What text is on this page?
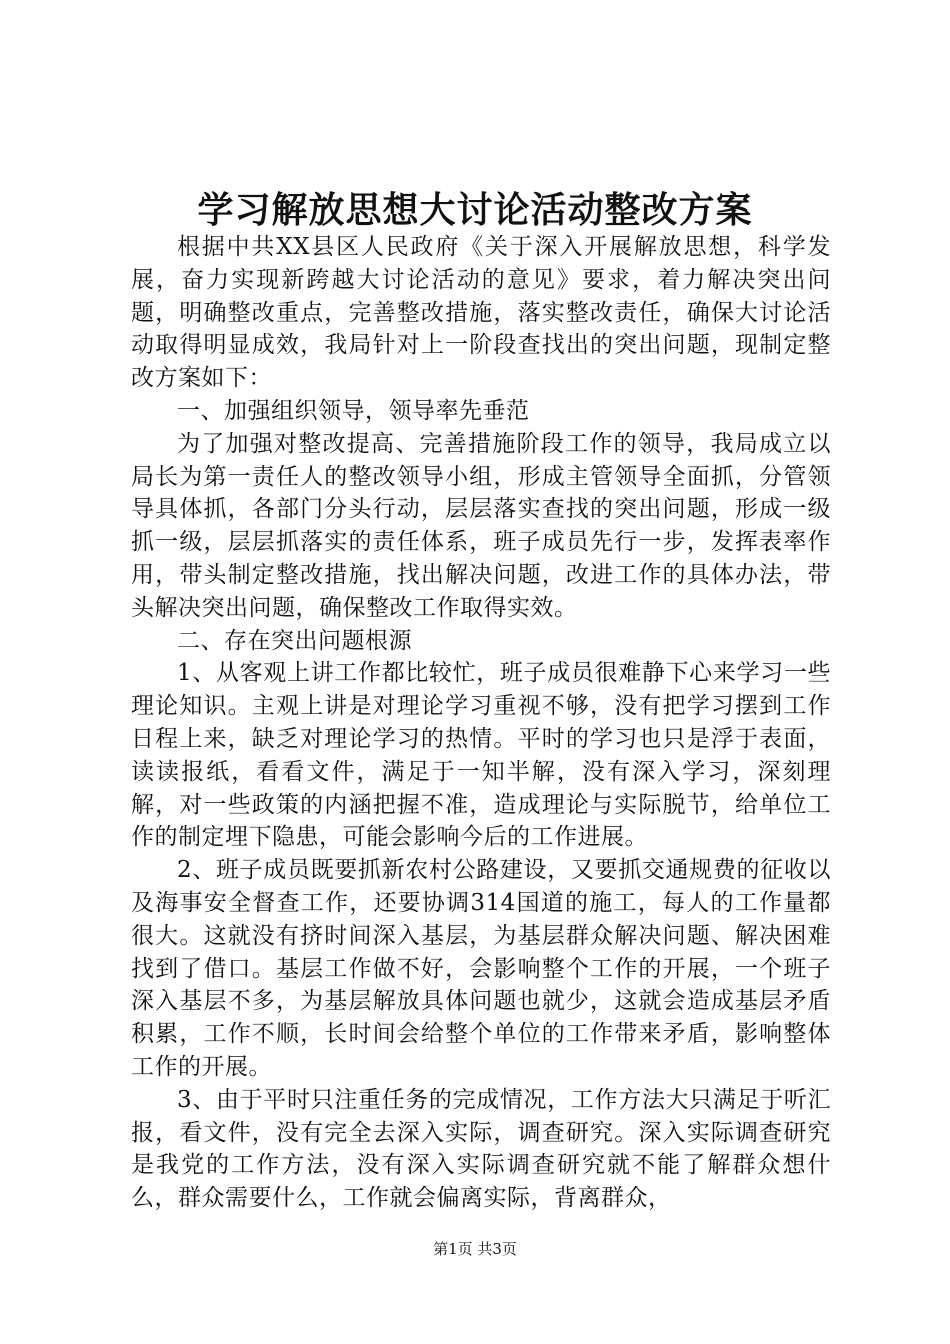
学习解放思想大讨论活动整改方案

根据中共XX县区人民政府《关于深入开展解放思想，科学发展，奋力实现新跨越大讨论活动的意见》要求，着力解决突出问题，明确整改重点，完善整改措施，落实整改责任，确保大讨论活动取得明显成效，我局针对上一阶段查找出的突出问题，现制定整改方案如下：

一、加强组织领导，领导率先垂范

为了加强对整改提高、完善措施阶段工作的领导，我局成立以局长为第一责任人的整改领导小组，形成主管领导全面抓，分管领导具体抓，各部门分头行动，层层落实查找的突出问题，形成一级抓一级，层层抓落实的责任体系，班子成员先行一步，发挥表率作用，带头制定整改措施，找出解决问题，改进工作的具体办法，带头解决突出问题，确保整改工作取得实效。

二、存在突出问题根源

1、从客观上讲工作都比较忙，班子成员很难静下心来学习一些理论知识。主观上讲是对理论学习重视不够，没有把学习摆到工作日程上来，缺乏对理论学习的热情。平时的学习也只是浮于表面，读读报纸，看看文件，满足于一知半解，没有深入学习，深刻理解，对一些政策的内涵把握不准，造成理论与实际脱节，给单位工作的制定埋下隐患，可能会影响今后的工作进展。

2、班子成员既要抓新农村公路建设，又要抓交通规费的征收以及海事安全督查工作，还要协调314国道的施工，每人的工作量都很大。这就没有挤时间深入基层，为基层群众解决问题、解决困难找到了借口。基层工作做不好，会影响整个工作的开展，一个班子深入基层不多，为基层解放具体问题也就少，这就会造成基层矛盾积累，工作不顺，长时间会给整个单位的工作带来矛盾，影响整体工作的开展。

3、由于平时只注重任务的完成情况，工作方法大只满足于听汇报，看文件，没有完全去深入实际，调查研究。深入实际调查研究是我党的工作方法，没有深入实际调查研究就不能了解群众想什么，群众需要什么，工作就会偏离实际，背离群众，

第1页 共3页
